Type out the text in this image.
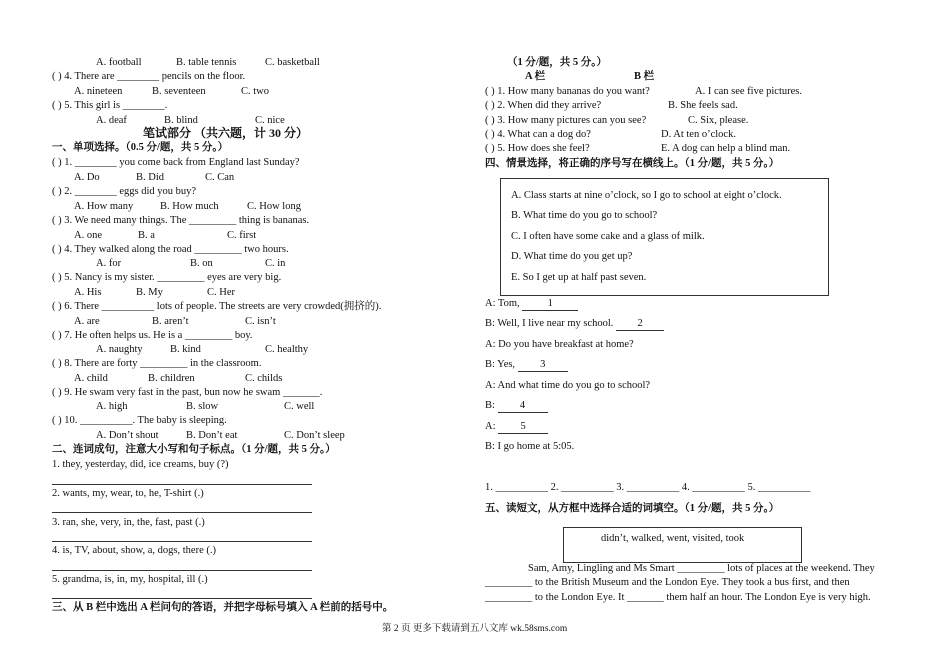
A. football	B. table tennis	C. basketball
( ) 4. There are ________ pencils on the floor.
A. nineteen	B. seventeen	C. two
( ) 5. This girl is ________.
A. deaf	B. blind	C. nice
笔试部分 （共六题，计 30 分）
一、单项选择。（0.5 分/题，共 5 分。）
( ) 1. ________ you come back from England last Sunday?
A. Do	B. Did	C. Can
( ) 2. ________ eggs did you buy?
A. How many	B. How much	C. How long
( ) 3. We need many things. The _________ thing is bananas.
A. one	B. a	C. first
( ) 4. They walked along the road _________ two hours.
A. for	B. on	C. in
( ) 5. Nancy is my sister. _________ eyes are very big.
A. His	B. My	C. Her
( ) 6. There __________ lots of people. The streets are very crowded(拥挤的).
A. are	B. aren’t	C. isn’t
( ) 7. He often helps us. He is a _________ boy.
A. naughty	B. kind	C. healthy
( ) 8. There are forty _________ in the classroom.
A. child	B. children	C. childs
( ) 9. He swam very fast in the past, bun now he swam _______.
A. high	B. slow	C. well
( ) 10. __________. The baby is sleeping.
A. Don’t shout	B. Don’t eat	C. Don’t sleep
二、连词成句，注意大小写和句子标点。（1 分/题，共 5 分。）
1. they, yesterday, did, ice creams, buy (?)
2. wants, my, wear, to, he, T-shirt (.)
3. ran, she, very, in, the, fast, past (.)
4. is, TV, about, show, a, dogs, there (.)
5. grandma, is, in, my, hospital, ill (.)
三、从 B 栏中选出 A 栏问句的答语，并把字母标号填入 A 栏前的括号中。
（1 分/题，共 5 分。）
A 栏	B 栏
( ) 1. How many bananas do you want?	A. I can see five pictures.
( ) 2. When did they arrive?	B. She feels sad.
( ) 3. How many pictures can you see?	C. Six, please.
( ) 4. What can a dog do?	D. At ten o’clock.
( ) 5. How does she feel?	E. A dog can help a blind man.
四、情景选择，将正确的序号写在横线上。（1 分/题，共 5 分。）
A. Class starts at nine o’clock, so I go to school at eight o’clock.
B. What time do you go to school?
C. I often have some cake and a glass of milk.
D. What time do you get up?
E. So I get up at half past seven.
A: Tom,	1
B: Well, I live near my school. 2
A: Do you have breakfast at home?
B: Yes, 3
A: And what time do you go to school?
B: 4
A: 5
B: I go home at 5:05.
1. __________ 2. __________ 3. __________ 4. __________ 5. __________
五、读短文，从方框中选择合适的词填空。（1 分/题，共 5 分。）
didn’t, walked, went, visited, took
Sam, Amy, Lingling and Ms Smart _________ lots of places at the weekend. They
_________ to the British Museum and the London Eye. They took a bus first, and then
_________ to the London Eye. It _______ them half an hour. The London Eye is very high.
第 2 页 更多下载请到五八文库 wk.58sms.com
